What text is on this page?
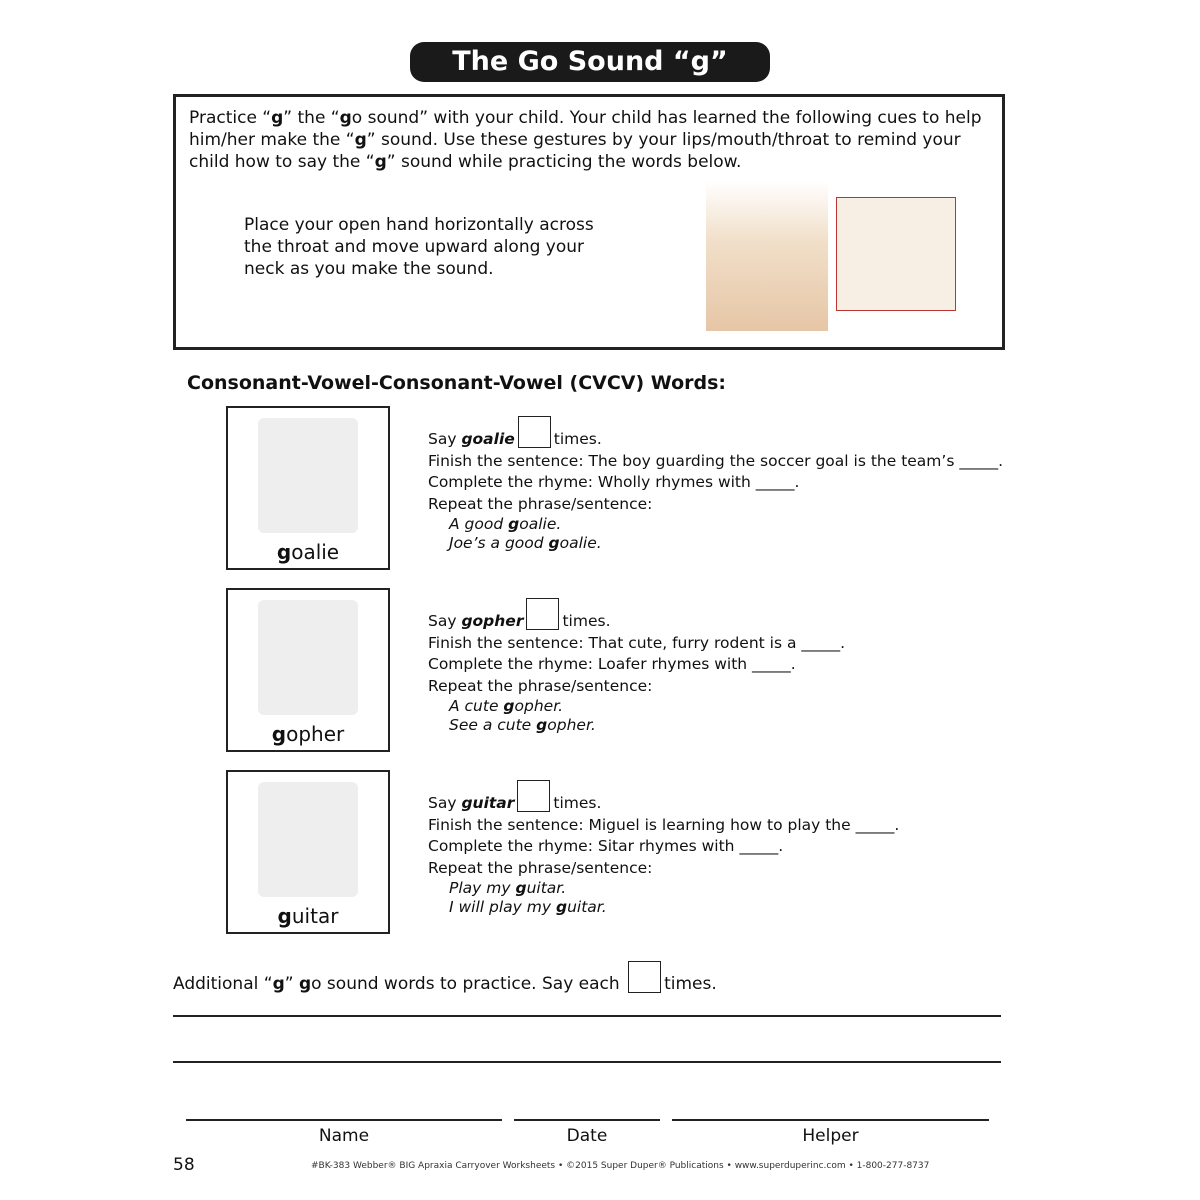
The Go Sound “g”
Practice “g” the “go sound” with your child. Your child has learned the following cues to help him/her make the “g” sound. Use these gestures by your lips/mouth/throat to remind your child how to say the “g” sound while practicing the words below.
Place your open hand horizontally across the throat and move upward along your neck as you make the sound.
Consonant-Vowel-Consonant-Vowel (CVCV) Words:
goalie
Say goalie	times.
Finish the sentence: The boy guarding the soccer goal is the team’s _____.
Complete the rhyme: Wholly rhymes with _____.
Repeat the phrase/sentence:
A good goalie.
Joe’s a good goalie.
gopher
Say gopher	times.
Finish the sentence: That cute, furry rodent is a _____.
Complete the rhyme: Loafer rhymes with _____.
Repeat the phrase/sentence:
A cute gopher.
See a cute gopher.
guitar
Say guitar	times.
Finish the sentence: Miguel is learning how to play the _____.
Complete the rhyme: Sitar rhymes with _____.
Repeat the phrase/sentence:
Play my guitar.
I will play my guitar.
Additional “g” go sound words to practice. Say each times.
Name	Date	Helper
58	#BK-383 Webber® BIG Apraxia Carryover Worksheets • ©2015 Super Duper® Publications • www.superduperinc.com • 1-800-277-8737
